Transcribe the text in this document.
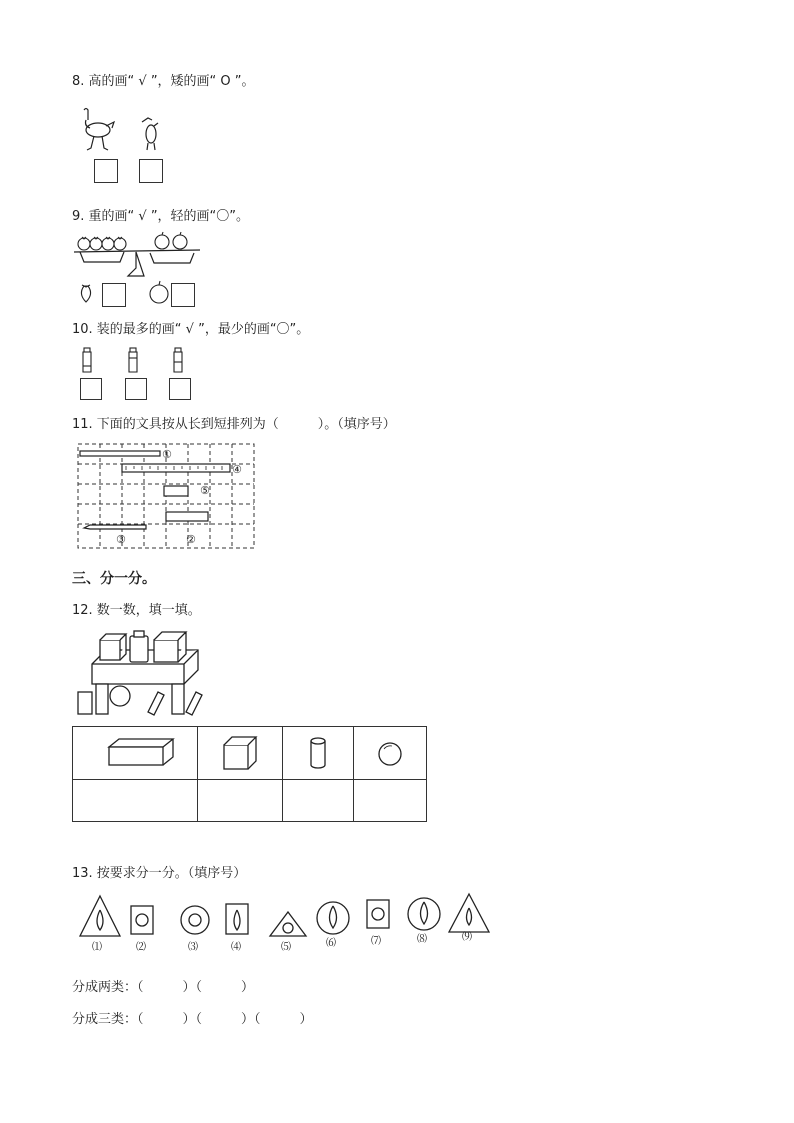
8. 高的画“ √ ”，矮的画“ O ”。
9. 重的画“ √ ”，轻的画“〇”。
10. 装的最多的画“ √ ”，最少的画“〇”。
11. 下面的文具按从长到短排列为（　　　）。（填序号）
①
④
⑤
③	②
三、分一分。
12. 数一数，填一填。

13. 按要求分一分。（填序号）
⑴	⑵	⑶	⑷	⑸	⑹	⑺	⑻	⑼
分成两类：（　　　）（　　　）
分成三类：（　　　）（　　　）（　　　）
